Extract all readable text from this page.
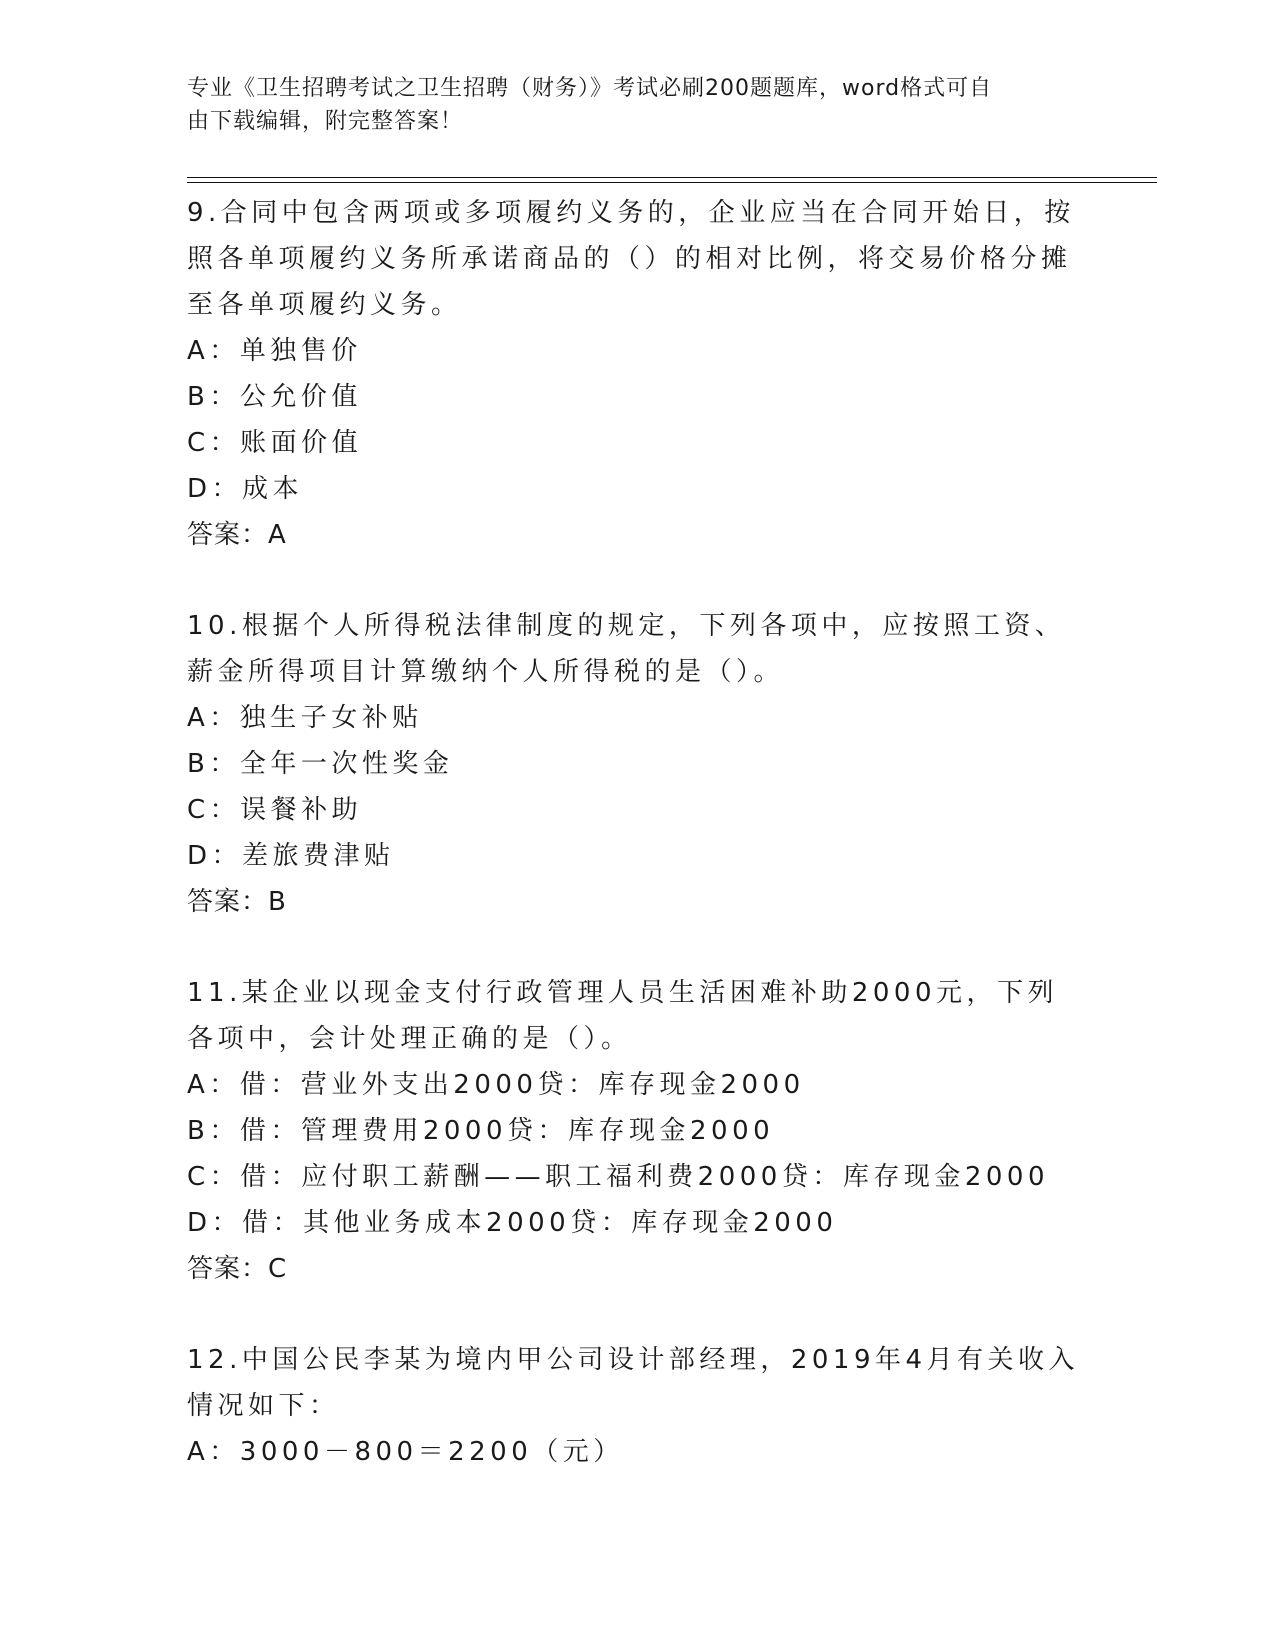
专业《卫生招聘考试之卫生招聘（财务）》考试必刷200题题库，word格式可自
由下载编辑，附完整答案！
9.合同中包含两项或多项履约义务的，企业应当在合同开始日，按照各单项履约义务所承诺商品的（）的相对比例，将交易价格分摊至各单项履约义务。
A：单独售价
B：公允价值
C：账面价值
D：成本
答案：A
10.根据个人所得税法律制度的规定，下列各项中，应按照工资、薪金所得项目计算缴纳个人所得税的是（）。
A：独生子女补贴
B：全年一次性奖金
C：误餐补助
D：差旅费津贴
答案：B
11.某企业以现金支付行政管理人员生活困难补助2000元，下列各项中，会计处理正确的是（）。
A：借：营业外支出2000贷：库存现金2000
B：借：管理费用2000贷：库存现金2000
C：借：应付职工薪酬——职工福利费2000贷：库存现金2000
D：借：其他业务成本2000贷：库存现金2000
答案：C
12.中国公民李某为境内甲公司设计部经理，2019年4月有关收入情况如下：
A：3000－800＝2200（元）
